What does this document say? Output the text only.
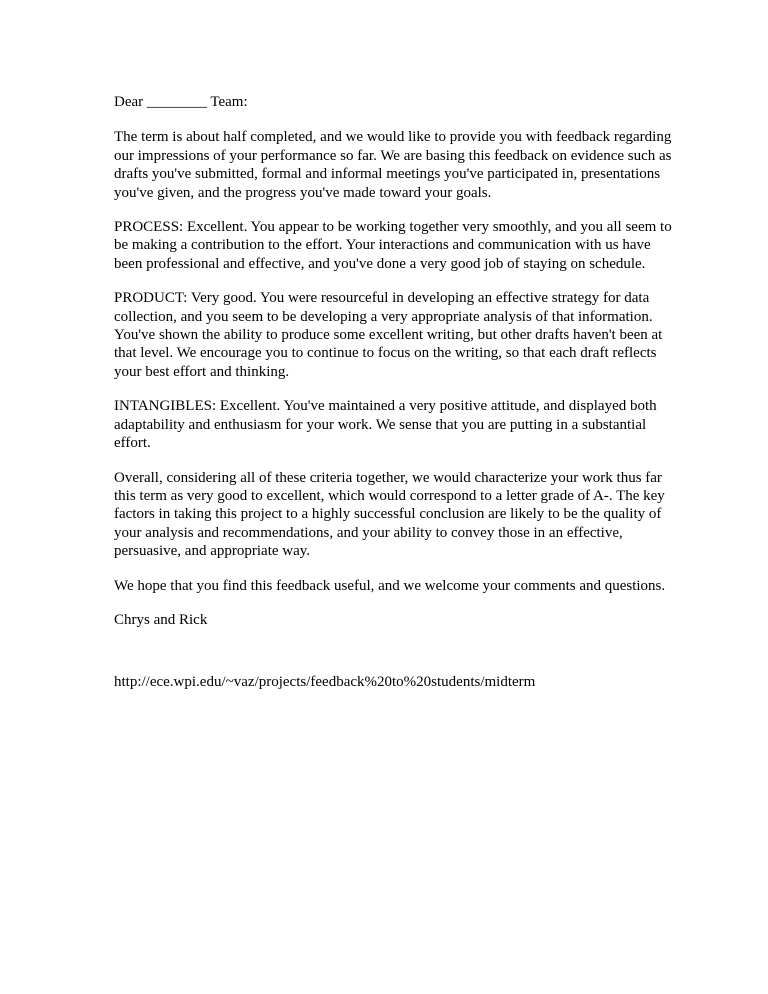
Dear ________ Team:

The term is about half completed, and we would like to provide you with feedback regarding our impressions of your performance so far. We are basing this feedback on evidence such as drafts you've submitted, formal and informal meetings you've participated in, presentations you've given, and the progress you've made toward your goals.

PROCESS: Excellent. You appear to be working together very smoothly, and you all seem to be making a contribution to the effort. Your interactions and communication with us have been professional and effective, and you've done a very good job of staying on schedule.

PRODUCT: Very good. You were resourceful in developing an effective strategy for data collection, and you seem to be developing a very appropriate analysis of that information. You've shown the ability to produce some excellent writing, but other drafts haven't been at that level. We encourage you to continue to focus on the writing, so that each draft reflects your best effort and thinking.

INTANGIBLES: Excellent. You've maintained a very positive attitude, and displayed both adaptability and enthusiasm for your work. We sense that you are putting in a substantial effort.

Overall, considering all of these criteria together, we would characterize your work thus far this term as very good to excellent, which would correspond to a letter grade of A-. The key factors in taking this project to a highly successful conclusion are likely to be the quality of your analysis and recommendations, and your ability to convey those in an effective, persuasive, and appropriate way.

We hope that you find this feedback useful, and we welcome your comments and questions.

Chrys and Rick

http://ece.wpi.edu/~vaz/projects/feedback%20to%20students/midterm
